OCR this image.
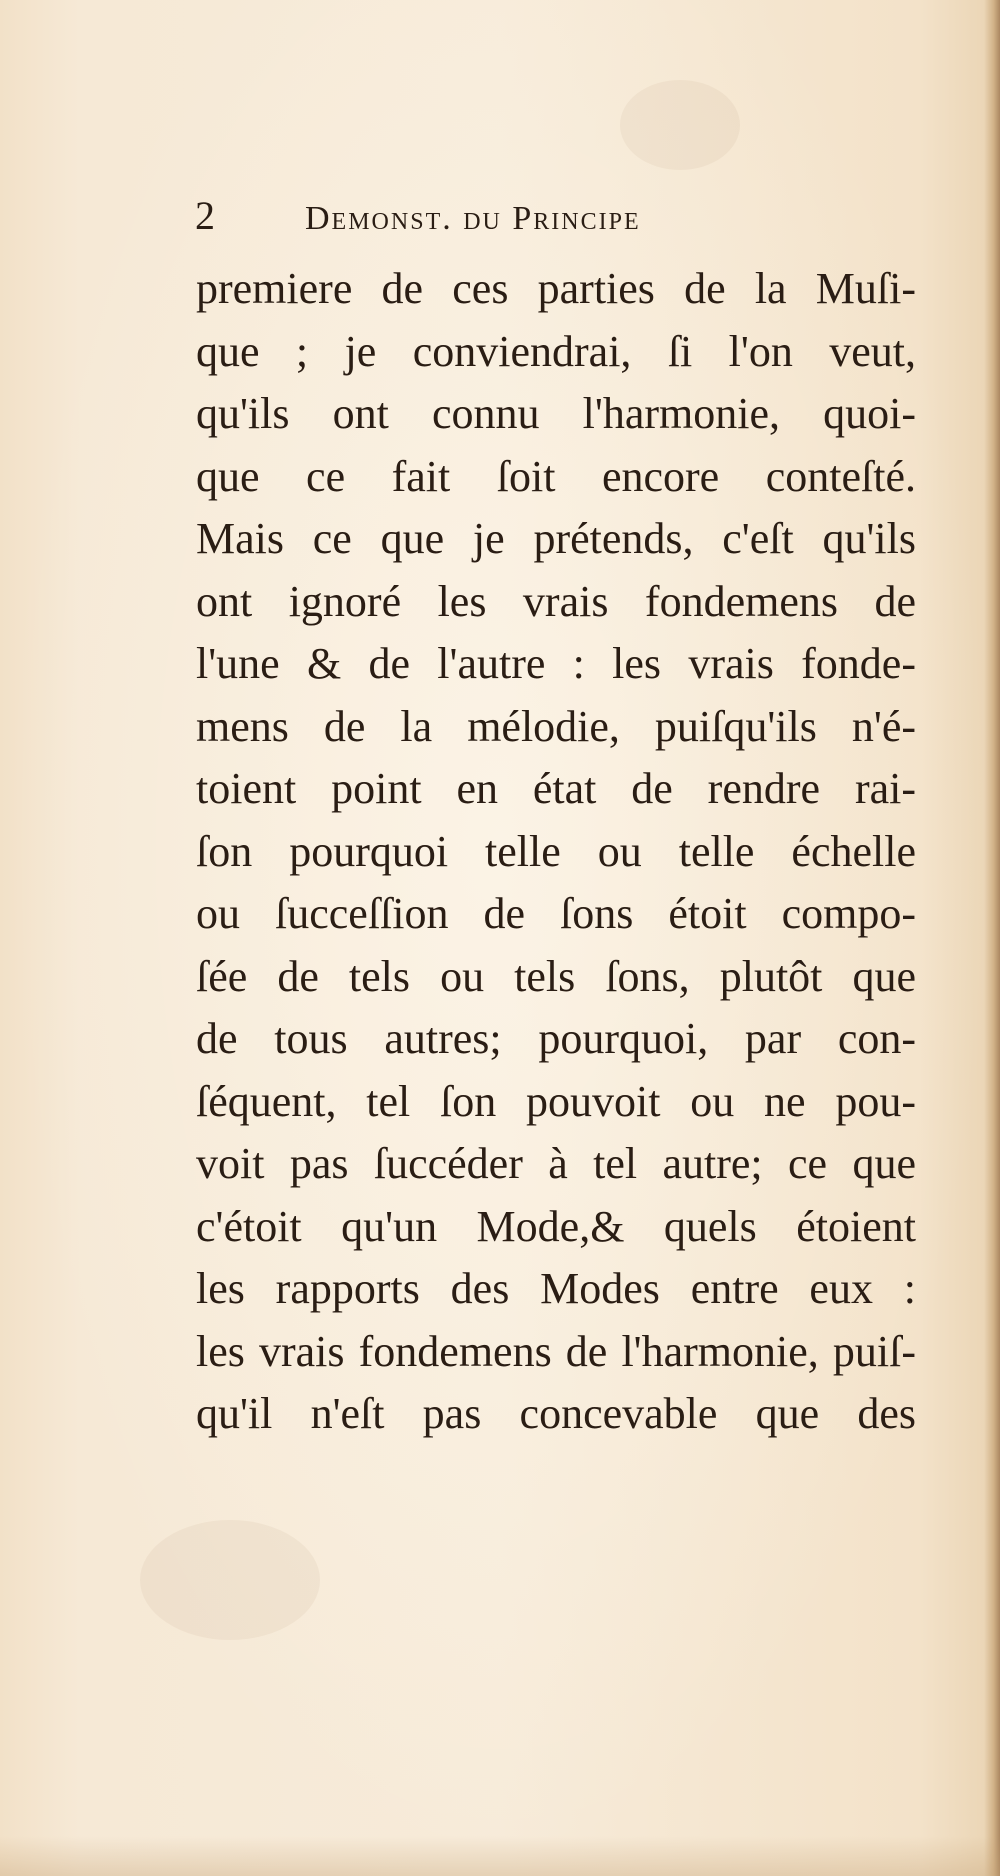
2	Demonst. du Principe
premiere de ces parties de la Muſi-
que ; je conviendrai, ſi l'on veut,
qu'ils ont connu l'harmonie, quoi-
que ce fait ſoit encore conteſté.
Mais ce que je prétends, c'eſt qu'ils
ont ignoré les vrais fondemens de
l'une & de l'autre : les vrais fonde-
mens de la mélodie, puiſqu'ils n'é-
toient point en état de rendre rai-
ſon pourquoi telle ou telle échelle
ou ſucceſſion de ſons étoit compo-
ſée de tels ou tels ſons, plutôt que
de tous autres; pourquoi, par con-
ſéquent, tel ſon pouvoit ou ne pou-
voit pas ſuccéder à tel autre; ce que
c'étoit qu'un Mode,& quels étoient
les rapports des Modes entre eux :
les vrais fondemens de l'harmonie, puiſ-
qu'il n'eſt pas concevable que des
